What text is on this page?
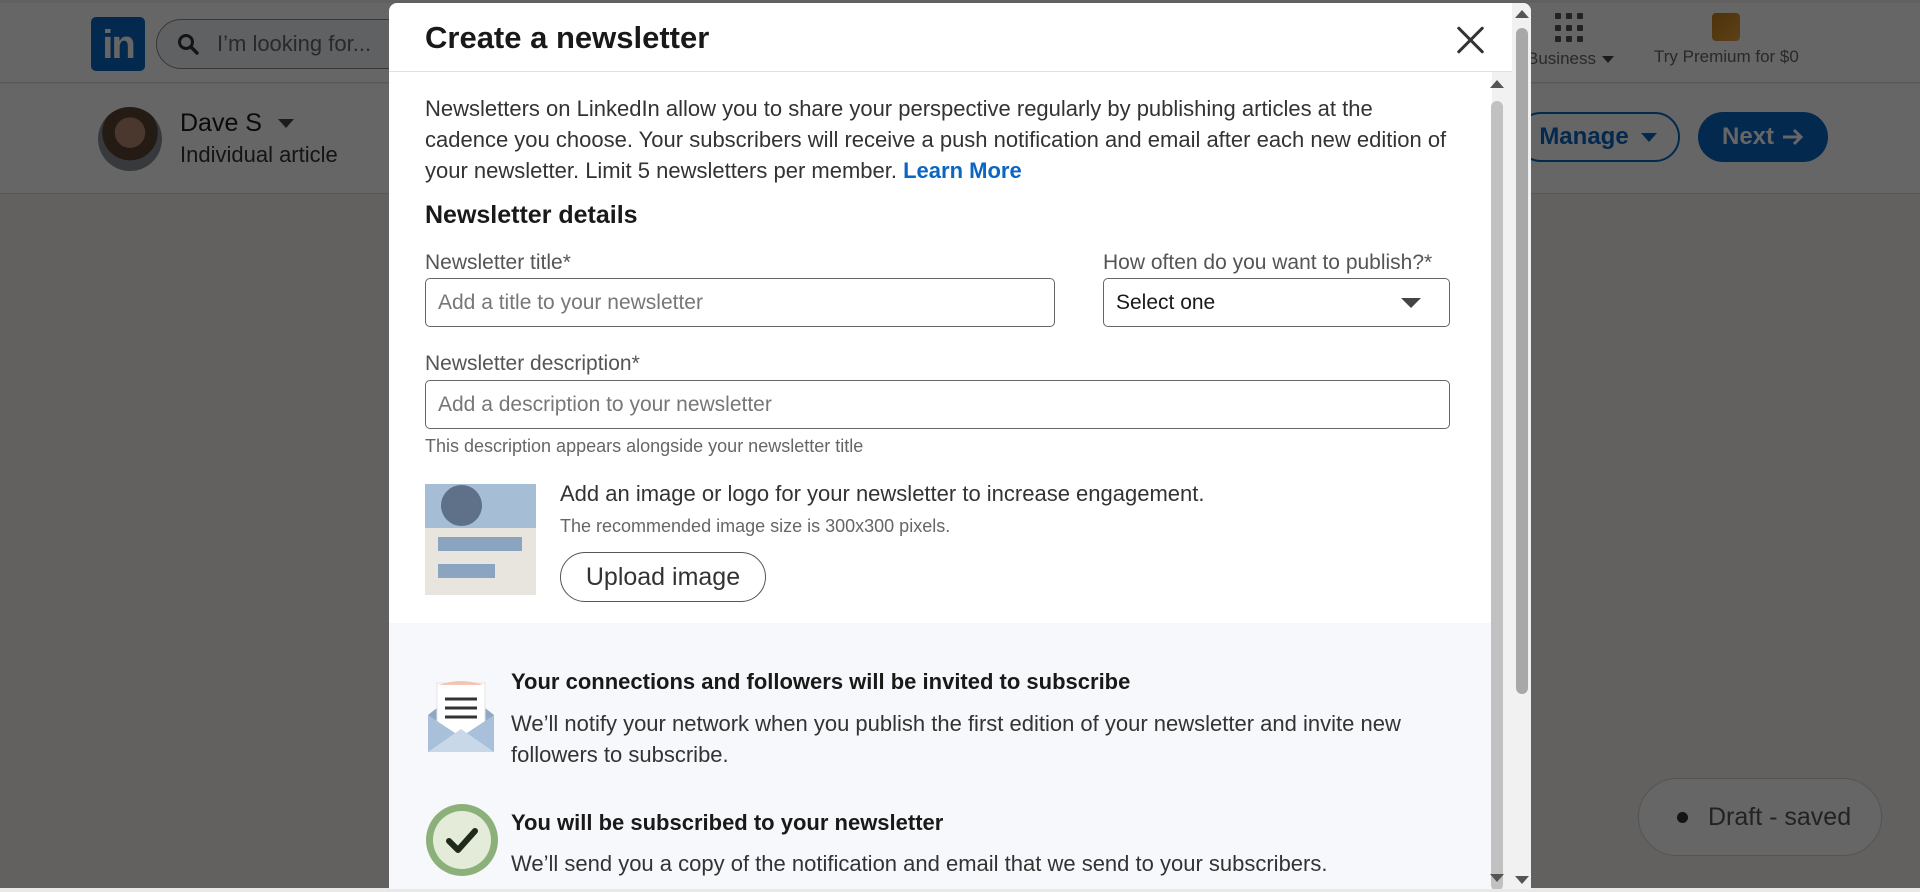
Create a newsletter

Newsletters on LinkedIn allow you to share your perspective regularly by publishing articles at the cadence you choose. Your subscribers will receive a push notification and email after each new edition of your newsletter. Limit 5 newsletters per member. Learn More

Newsletter details
Newsletter title*
Add a title to your newsletter
How often do you want to publish?*
Select one
Newsletter description*
Add a description to your newsletter
This description appears alongside your newsletter title
Add an image or logo for your newsletter to increase engagement.
The recommended image size is 300x300 pixels.
Upload image
Your connections and followers will be invited to subscribe
We’ll notify your network when you publish the first edition of your newsletter and invite new followers to subscribe.
You will be subscribed to your newsletter
We’ll send you a copy of the notification and email that we send to your subscribers.
